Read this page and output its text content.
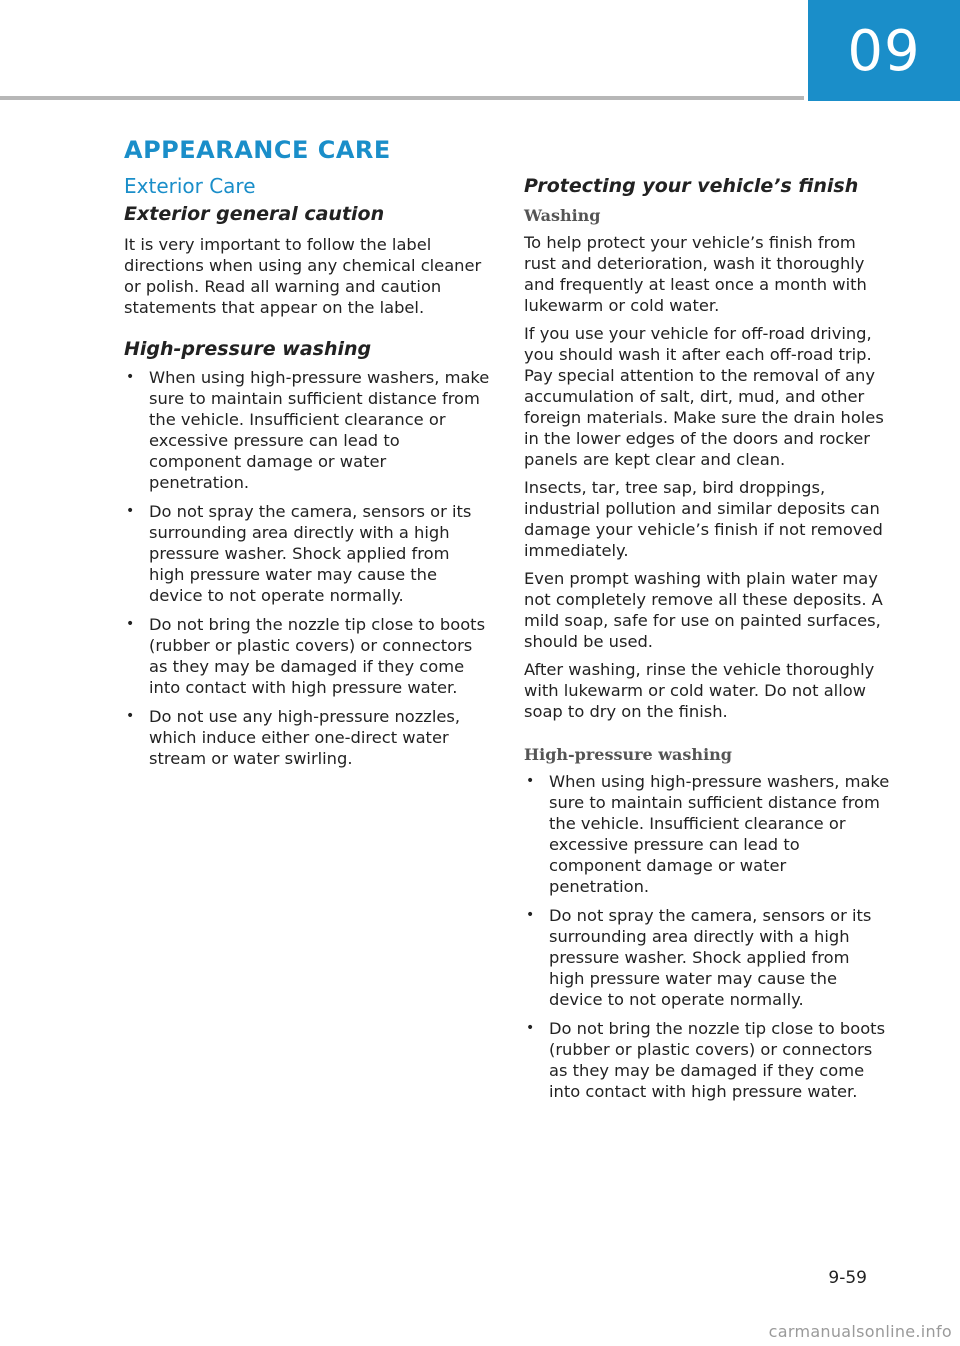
09
APPEARANCE CARE
Exterior Care
Exterior general caution

It is very important to follow the label directions when using any chemical cleaner or polish. Read all warning and caution statements that appear on the label.

High-pressure washing
• When using high-pressure washers, make sure to maintain sufficient distance from the vehicle. Insufficient clearance or excessive pressure can lead to component damage or water penetration.
• Do not spray the camera, sensors or its surrounding area directly with a high pressure washer. Shock applied from high pressure water may cause the device to not operate normally.
• Do not bring the nozzle tip close to boots (rubber or plastic covers) or connectors as they may be damaged if they come into contact with high pressure water.
• Do not use any high-pressure nozzles, which induce either one-direct water stream or water swirling.
Protecting your vehicle’s finish
Washing

To help protect your vehicle’s finish from rust and deterioration, wash it thoroughly and frequently at least once a month with lukewarm or cold water.

If you use your vehicle for off-road driving, you should wash it after each off-road trip. Pay special attention to the removal of any accumulation of salt, dirt, mud, and other foreign materials. Make sure the drain holes in the lower edges of the doors and rocker panels are kept clear and clean.

Insects, tar, tree sap, bird droppings, industrial pollution and similar deposits can damage your vehicle’s finish if not removed immediately.

Even prompt washing with plain water may not completely remove all these deposits. A mild soap, safe for use on painted surfaces, should be used.

After washing, rinse the vehicle thoroughly with lukewarm or cold water. Do not allow soap to dry on the finish.

High-pressure washing
• When using high-pressure washers, make sure to maintain sufficient distance from the vehicle. Insufficient clearance or excessive pressure can lead to component damage or water penetration.
• Do not spray the camera, sensors or its surrounding area directly with a high pressure washer. Shock applied from high pressure water may cause the device to not operate normally.
• Do not bring the nozzle tip close to boots (rubber or plastic covers) or connectors as they may be damaged if they come into contact with high pressure water.
9-59
carmanualsonline.info
